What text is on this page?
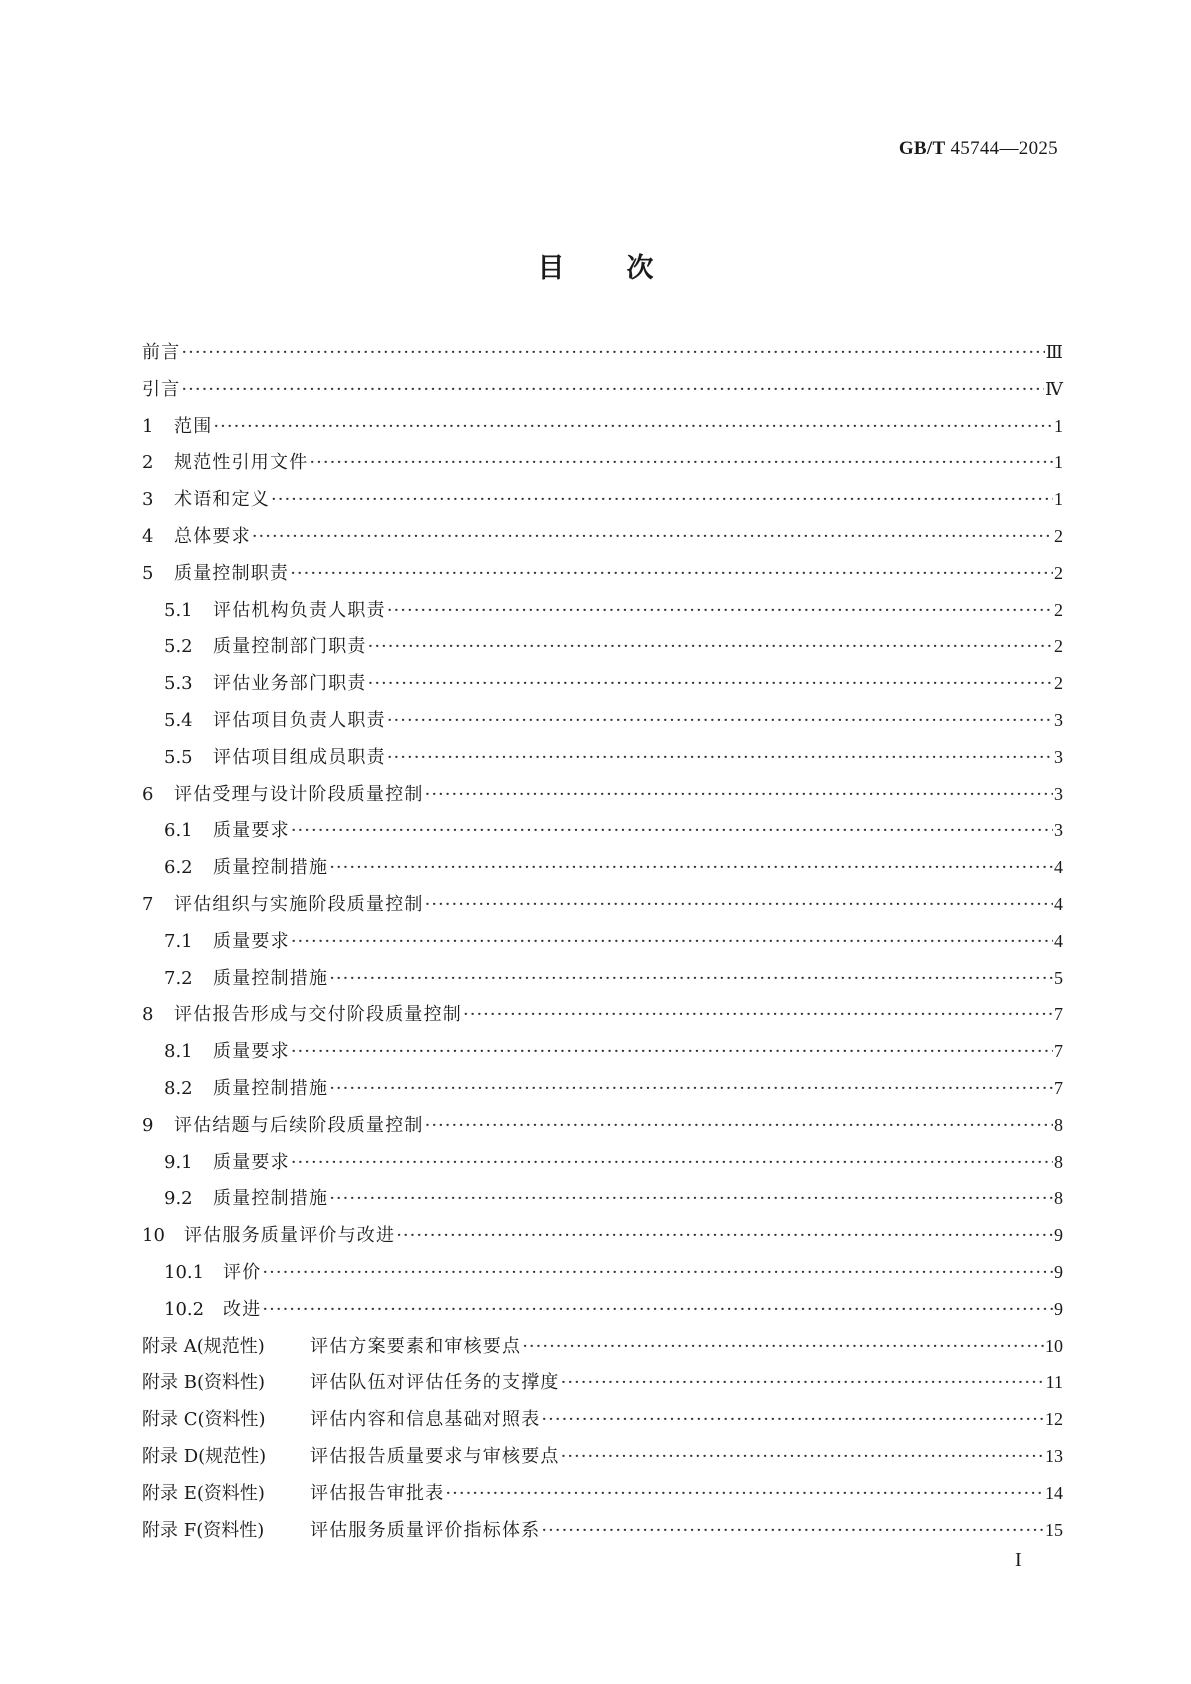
GB/T 45744—2025
目次
前言 ·····	Ⅲ
引言 ·····	Ⅳ
1	范围 ·····	1
2	规范性引用文件 ·····	1
3	术语和定义 ·····	1
4	总体要求 ·····	2
5	质量控制职责 ·····	2
5.1	评估机构负责人职责 ·····	2
5.2	质量控制部门职责 ·····	2
5.3	评估业务部门职责 ·····	2
5.4	评估项目负责人职责 ·····	3
5.5	评估项目组成员职责 ·····	3
6	评估受理与设计阶段质量控制 ·····	3
6.1	质量要求 ·····	3
6.2	质量控制措施 ·····	4
7	评估组织与实施阶段质量控制 ·····	4
7.1	质量要求 ·····	4
7.2	质量控制措施 ·····	5
8	评估报告形成与交付阶段质量控制 ·····	7
8.1	质量要求 ·····	7
8.2	质量控制措施 ·····	7
9	评估结题与后续阶段质量控制 ·····	8
9.1	质量要求 ·····	8
9.2	质量控制措施 ·····	8
10	评估服务质量评价与改进 ·····	9
10.1	评价 ·····	9
10.2	改进 ·····	9
附录 A(规范性)	评估方案要素和审核要点 ·····	10
附录 B(资料性)	评估队伍对评估任务的支撑度 ·····	11
附录 C(资料性)	评估内容和信息基础对照表 ·····	12
附录 D(规范性)	评估报告质量要求与审核要点 ·····	13
附录 E(资料性)	评估报告审批表 ·····	14
附录 F(资料性)	评估服务质量评价指标体系 ·····	15
I
